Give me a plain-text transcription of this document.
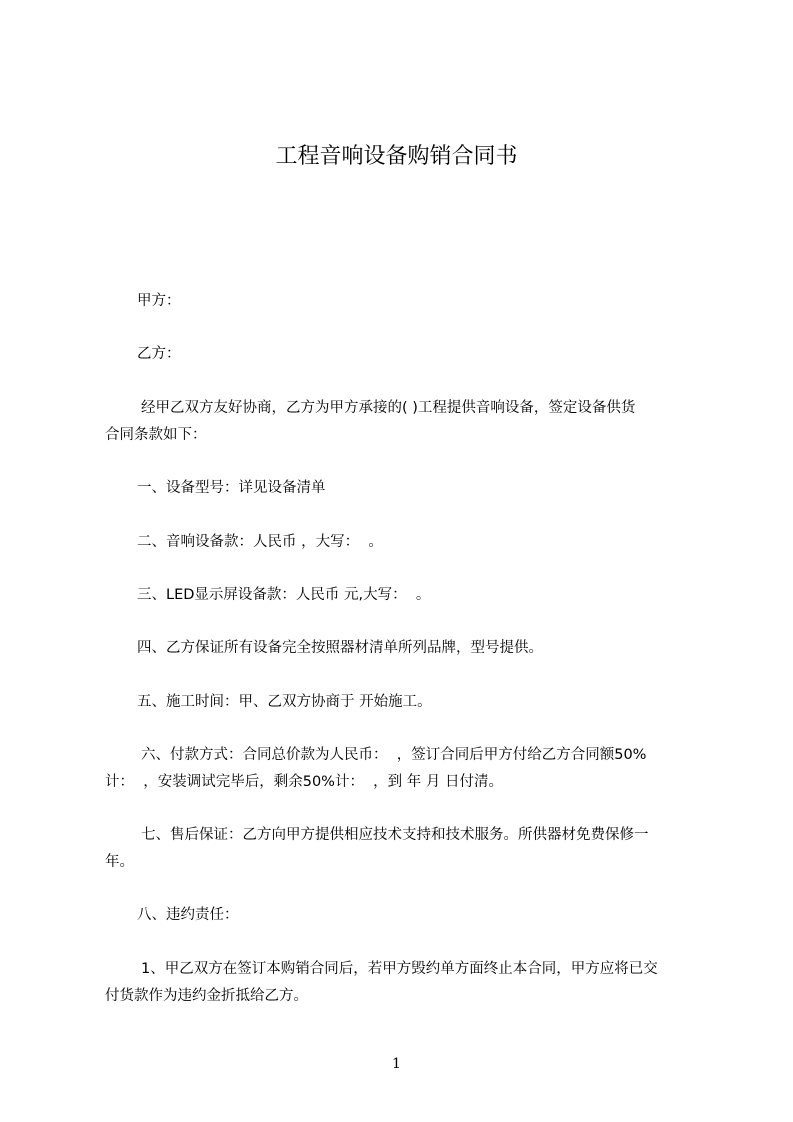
工程音响设备购销合同书
甲方：
乙方：
经甲乙双方友好协商，乙方为甲方承接的( )工程提供音响设备，签定设备供货
合同条款如下：
一、设备型号：详见设备清单
二、音响设备款：人民币 ，大写：  。
三、LED显示屏设备款：人民币 元,大写：  。
四、乙方保证所有设备完全按照器材清单所列品牌，型号提供。
五、施工时间：甲、乙双方协商于 开始施工。
六、付款方式：合同总价款为人民币：  ，签订合同后甲方付给乙方合同额50%
计：  ，安装调试完毕后，剩余50%计：  ，到 年 月 日付清。
七、售后保证：乙方向甲方提供相应技术支持和技术服务。所供器材免费保修一
年。
八、违约责任：
1、甲乙双方在签订本购销合同后，若甲方毁约单方面终止本合同，甲方应将已交
付货款作为违约金折抵给乙方。
1
